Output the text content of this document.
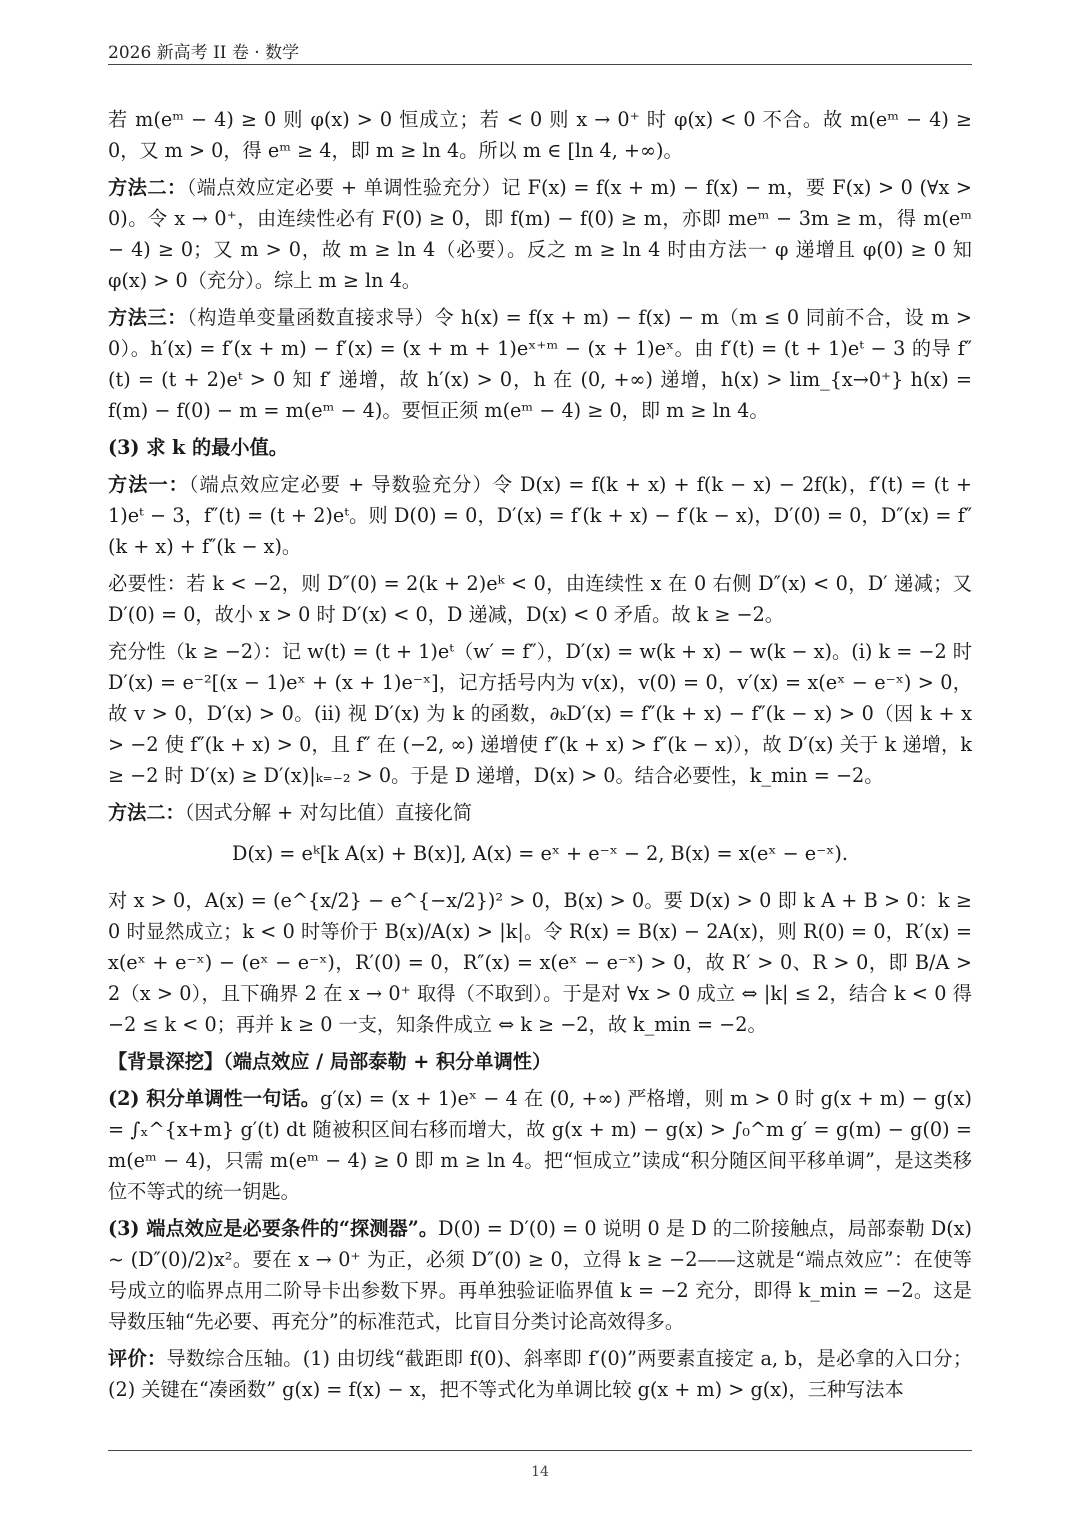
2026 新高考 II 卷 · 数学

若 m(eᵐ − 4) ≥ 0 则 φ(x) > 0 恒成立；若 < 0 则 x → 0⁺ 时 φ(x) < 0 不合。故 m(eᵐ − 4) ≥ 0，又 m > 0，得 eᵐ ≥ 4，即 m ≥ ln 4。所以 m ∈ [ln 4, +∞)。

方法二：（端点效应定必要 + 单调性验充分）记 F(x) = f(x + m) − f(x) − m，要 F(x) > 0 (∀x > 0)。令 x → 0⁺，由连续性必有 F(0) ≥ 0，即 f(m) − f(0) ≥ m，亦即 meᵐ − 3m ≥ m，得 m(eᵐ − 4) ≥ 0；又 m > 0，故 m ≥ ln 4（必要）。反之 m ≥ ln 4 时由方法一 φ 递增且 φ(0) ≥ 0 知 φ(x) > 0（充分）。综上 m ≥ ln 4。

方法三：（构造单变量函数直接求导）令 h(x) = f(x + m) − f(x) − m（m ≤ 0 同前不合，设 m > 0）。h′(x) = f′(x + m) − f′(x) = (x + m + 1)eˣ⁺ᵐ − (x + 1)eˣ。由 f′(t) = (t + 1)eᵗ − 3 的导 f″(t) = (t + 2)eᵗ > 0 知 f′ 递增，故 h′(x) > 0，h 在 (0, +∞) 递增，h(x) > lim_{x→0⁺} h(x) = f(m) − f(0) − m = m(eᵐ − 4)。要恒正须 m(eᵐ − 4) ≥ 0，即 m ≥ ln 4。

(3) 求 k 的最小值。

方法一：（端点效应定必要 + 导数验充分）令 D(x) = f(k + x) + f(k − x) − 2f(k)，f′(t) = (t + 1)eᵗ − 3，f″(t) = (t + 2)eᵗ。则 D(0) = 0，D′(x) = f′(k + x) − f′(k − x)，D′(0) = 0，D″(x) = f″(k + x) + f″(k − x)。

必要性：若 k < −2，则 D″(0) = 2(k + 2)eᵏ < 0，由连续性 x 在 0 右侧 D″(x) < 0，D′ 递减；又 D′(0) = 0，故小 x > 0 时 D′(x) < 0，D 递减，D(x) < 0 矛盾。故 k ≥ −2。

充分性（k ≥ −2）：记 w(t) = (t + 1)eᵗ（w′ = f″），D′(x) = w(k + x) − w(k − x)。(i) k = −2 时 D′(x) = e⁻²[(x − 1)eˣ + (x + 1)e⁻ˣ]，记方括号内为 v(x)，v(0) = 0，v′(x) = x(eˣ − e⁻ˣ) > 0，故 v > 0，D′(x) > 0。(ii) 视 D′(x) 为 k 的函数，∂ₖD′(x) = f″(k + x) − f″(k − x) > 0（因 k + x > −2 使 f″(k + x) > 0，且 f″ 在 (−2, ∞) 递增使 f″(k + x) > f″(k − x)），故 D′(x) 关于 k 递增，k ≥ −2 时 D′(x) ≥ D′(x)|ₖ₌₋₂ > 0。于是 D 递增，D(x) > 0。结合必要性，k_min = −2。

方法二：（因式分解 + 对勾比值）直接化简

D(x) = eᵏ[k A(x) + B(x)], A(x) = eˣ + e⁻ˣ − 2, B(x) = x(eˣ − e⁻ˣ).

对 x > 0，A(x) = (e^{x/2} − e^{−x/2})² > 0，B(x) > 0。要 D(x) > 0 即 k A + B > 0：k ≥ 0 时显然成立；k < 0 时等价于 B(x)/A(x) > |k|。令 R(x) = B(x) − 2A(x)，则 R(0) = 0，R′(x) = x(eˣ + e⁻ˣ) − (eˣ − e⁻ˣ)，R′(0) = 0，R″(x) = x(eˣ − e⁻ˣ) > 0，故 R′ > 0、R > 0，即 B/A > 2（x > 0），且下确界 2 在 x → 0⁺ 取得（不取到）。于是对 ∀x > 0 成立 ⇔ |k| ≤ 2，结合 k < 0 得 −2 ≤ k < 0；再并 k ≥ 0 一支，知条件成立 ⇔ k ≥ −2，故 k_min = −2。

【背景深挖】（端点效应 / 局部泰勒 + 积分单调性）

(2) 积分单调性一句话。g′(x) = (x + 1)eˣ − 4 在 (0, +∞) 严格增，则 m > 0 时 g(x + m) − g(x) = ∫ₓ^{x+m} g′(t) dt 随被积区间右移而增大，故 g(x + m) − g(x) > ∫₀^m g′ = g(m) − g(0) = m(eᵐ − 4)，只需 m(eᵐ − 4) ≥ 0 即 m ≥ ln 4。把“恒成立”读成“积分随区间平移单调”，是这类移位不等式的统一钥匙。

(3) 端点效应是必要条件的“探测器”。D(0) = D′(0) = 0 说明 0 是 D 的二阶接触点，局部泰勒 D(x) ∼ (D″(0)/2)x²。要在 x → 0⁺ 为正，必须 D″(0) ≥ 0，立得 k ≥ −2——这就是“端点效应”：在使等号成立的临界点用二阶导卡出参数下界。再单独验证临界值 k = −2 充分，即得 k_min = −2。这是导数压轴“先必要、再充分”的标准范式，比盲目分类讨论高效得多。

评价：导数综合压轴。(1) 由切线“截距即 f(0)、斜率即 f′(0)”两要素直接定 a, b，是必拿的入口分；(2) 关键在“凑函数” g(x) = f(x) − x，把不等式化为单调比较 g(x + m) > g(x)，三种写法本

14
